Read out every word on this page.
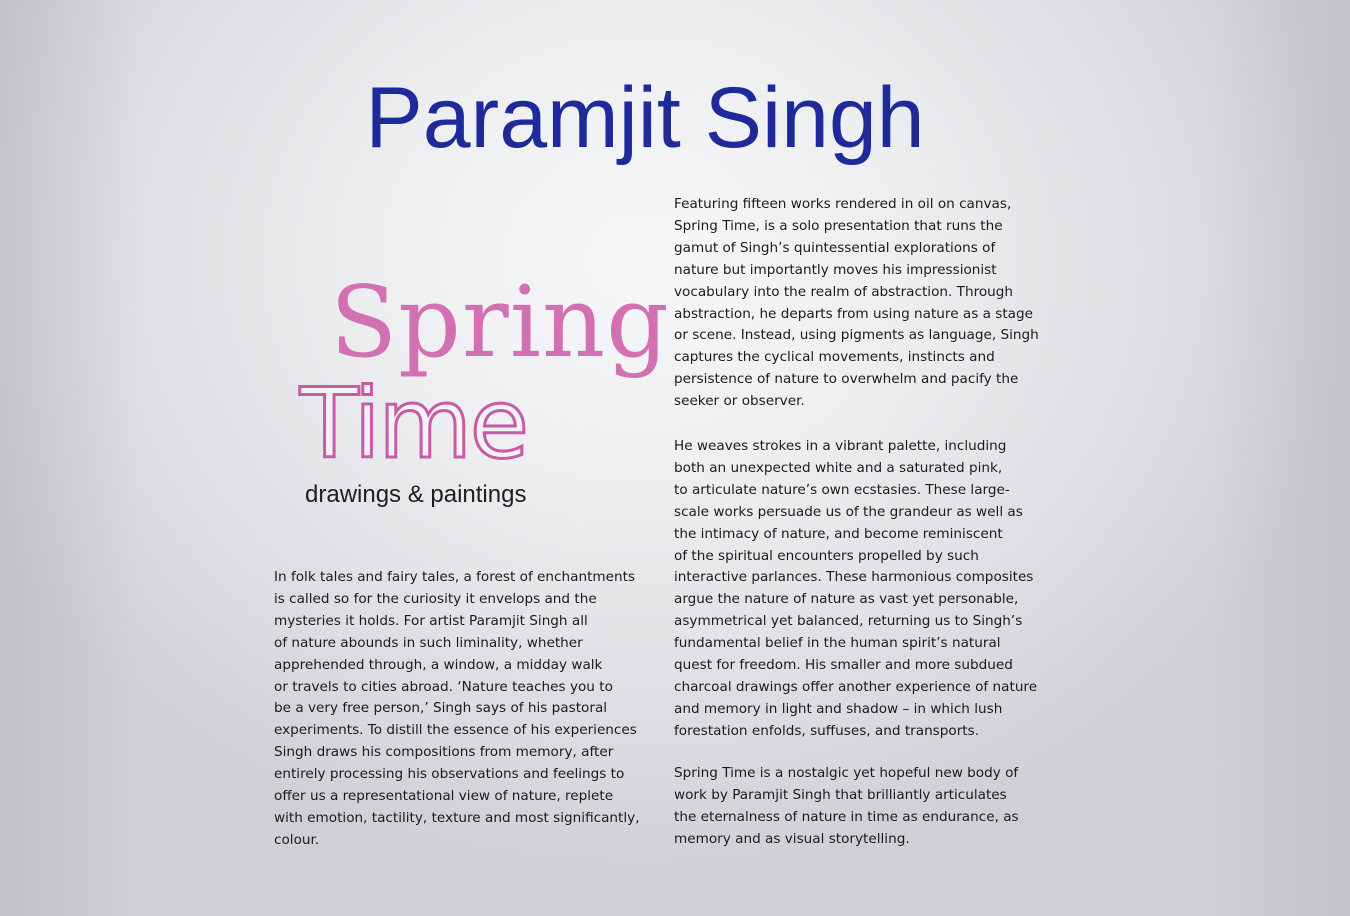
Paramjit Singh
Spring
Time
drawings & paintings
In folk tales and fairy tales, a forest of enchantments
is called so for the curiosity it envelops and the
mysteries it holds. For artist Paramjit Singh all
of nature abounds in such liminality, whether
apprehended through, a window, a midday walk
or travels to cities abroad. ‘Nature teaches you to
be a very free person,’ Singh says of his pastoral
experiments. To distill the essence of his experiences
Singh draws his compositions from memory, after
entirely processing his observations and feelings to
offer us a representational view of nature, replete
with emotion, tactility, texture and most significantly,
colour.
Featuring fifteen works rendered in oil on canvas,
Spring Time, is a solo presentation that runs the
gamut of Singh’s quintessential explorations of
nature but importantly moves his impressionist
vocabulary into the realm of abstraction. Through
abstraction, he departs from using nature as a stage
or scene. Instead, using pigments as language, Singh
captures the cyclical movements, instincts and
persistence of nature to overwhelm and pacify the
seeker or observer.
He weaves strokes in a vibrant palette, including
both an unexpected white and a saturated pink,
to articulate nature’s own ecstasies. These large-
scale works persuade us of the grandeur as well as
the intimacy of nature, and become reminiscent
of the spiritual encounters propelled by such
interactive parlances. These harmonious composites
argue the nature of nature as vast yet personable,
asymmetrical yet balanced, returning us to Singh’s
fundamental belief in the human spirit’s natural
quest for freedom. His smaller and more subdued
charcoal drawings offer another experience of nature
and memory in light and shadow – in which lush
forestation enfolds, suffuses, and transports.
Spring Time is a nostalgic yet hopeful new body of
work by Paramjit Singh that brilliantly articulates
the eternalness of nature in time as endurance, as
memory and as visual storytelling.
